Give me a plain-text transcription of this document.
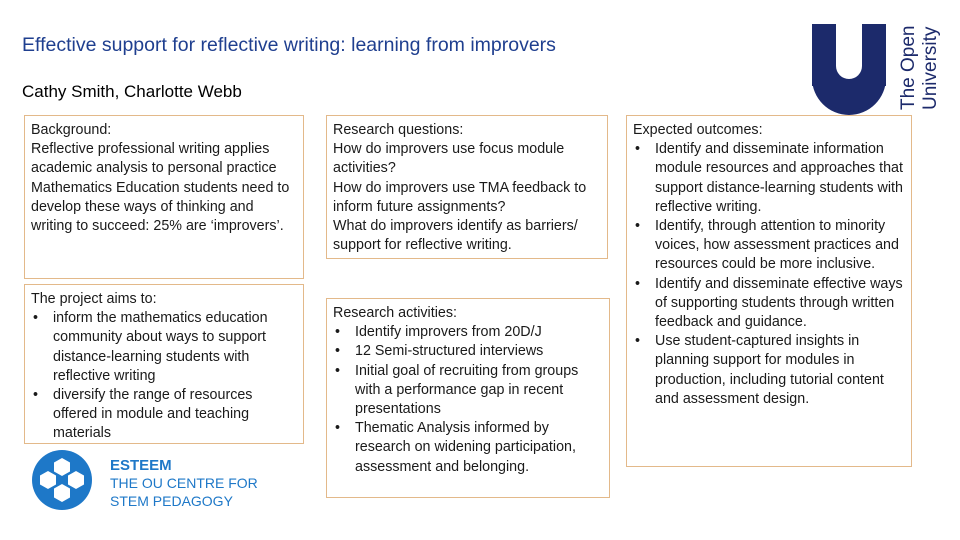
Effective support for reflective writing: learning from improvers
Cathy Smith, Charlotte Webb
Background:

Reflective professional writing applies academic analysis to personal practice

Mathematics Education students need to develop these ways of thinking and writing to succeed: 25% are ‘improvers’.

The project aims to:
• inform the mathematics education community about ways to support distance-learning students with reflective writing
• diversify the range of resources offered in module and teaching materials
Research questions:

How do improvers use focus module activities?

How do improvers use TMA feedback to inform future assignments?

What do improvers identify as barriers/ support for reflective writing.

Research activities:
• Identify improvers from 20D/J
• 12 Semi-structured interviews
• Initial goal of recruiting from groups with a performance gap in recent presentations
• Thematic Analysis informed by research on widening participation, assessment and belonging.
Expected outcomes:
• Identify and disseminate information module resources and approaches that support distance-learning students with reflective writing.
• Identify, through attention to minority voices, how assessment practices and resources could be more inclusive.
• Identify and disseminate effective ways of supporting students through written feedback and guidance.
• Use student-captured insights in planning support for modules in production, including tutorial content and assessment design.
ESTEEM
THE OU CENTRE FOR
STEM PEDAGOGY
The Open University
